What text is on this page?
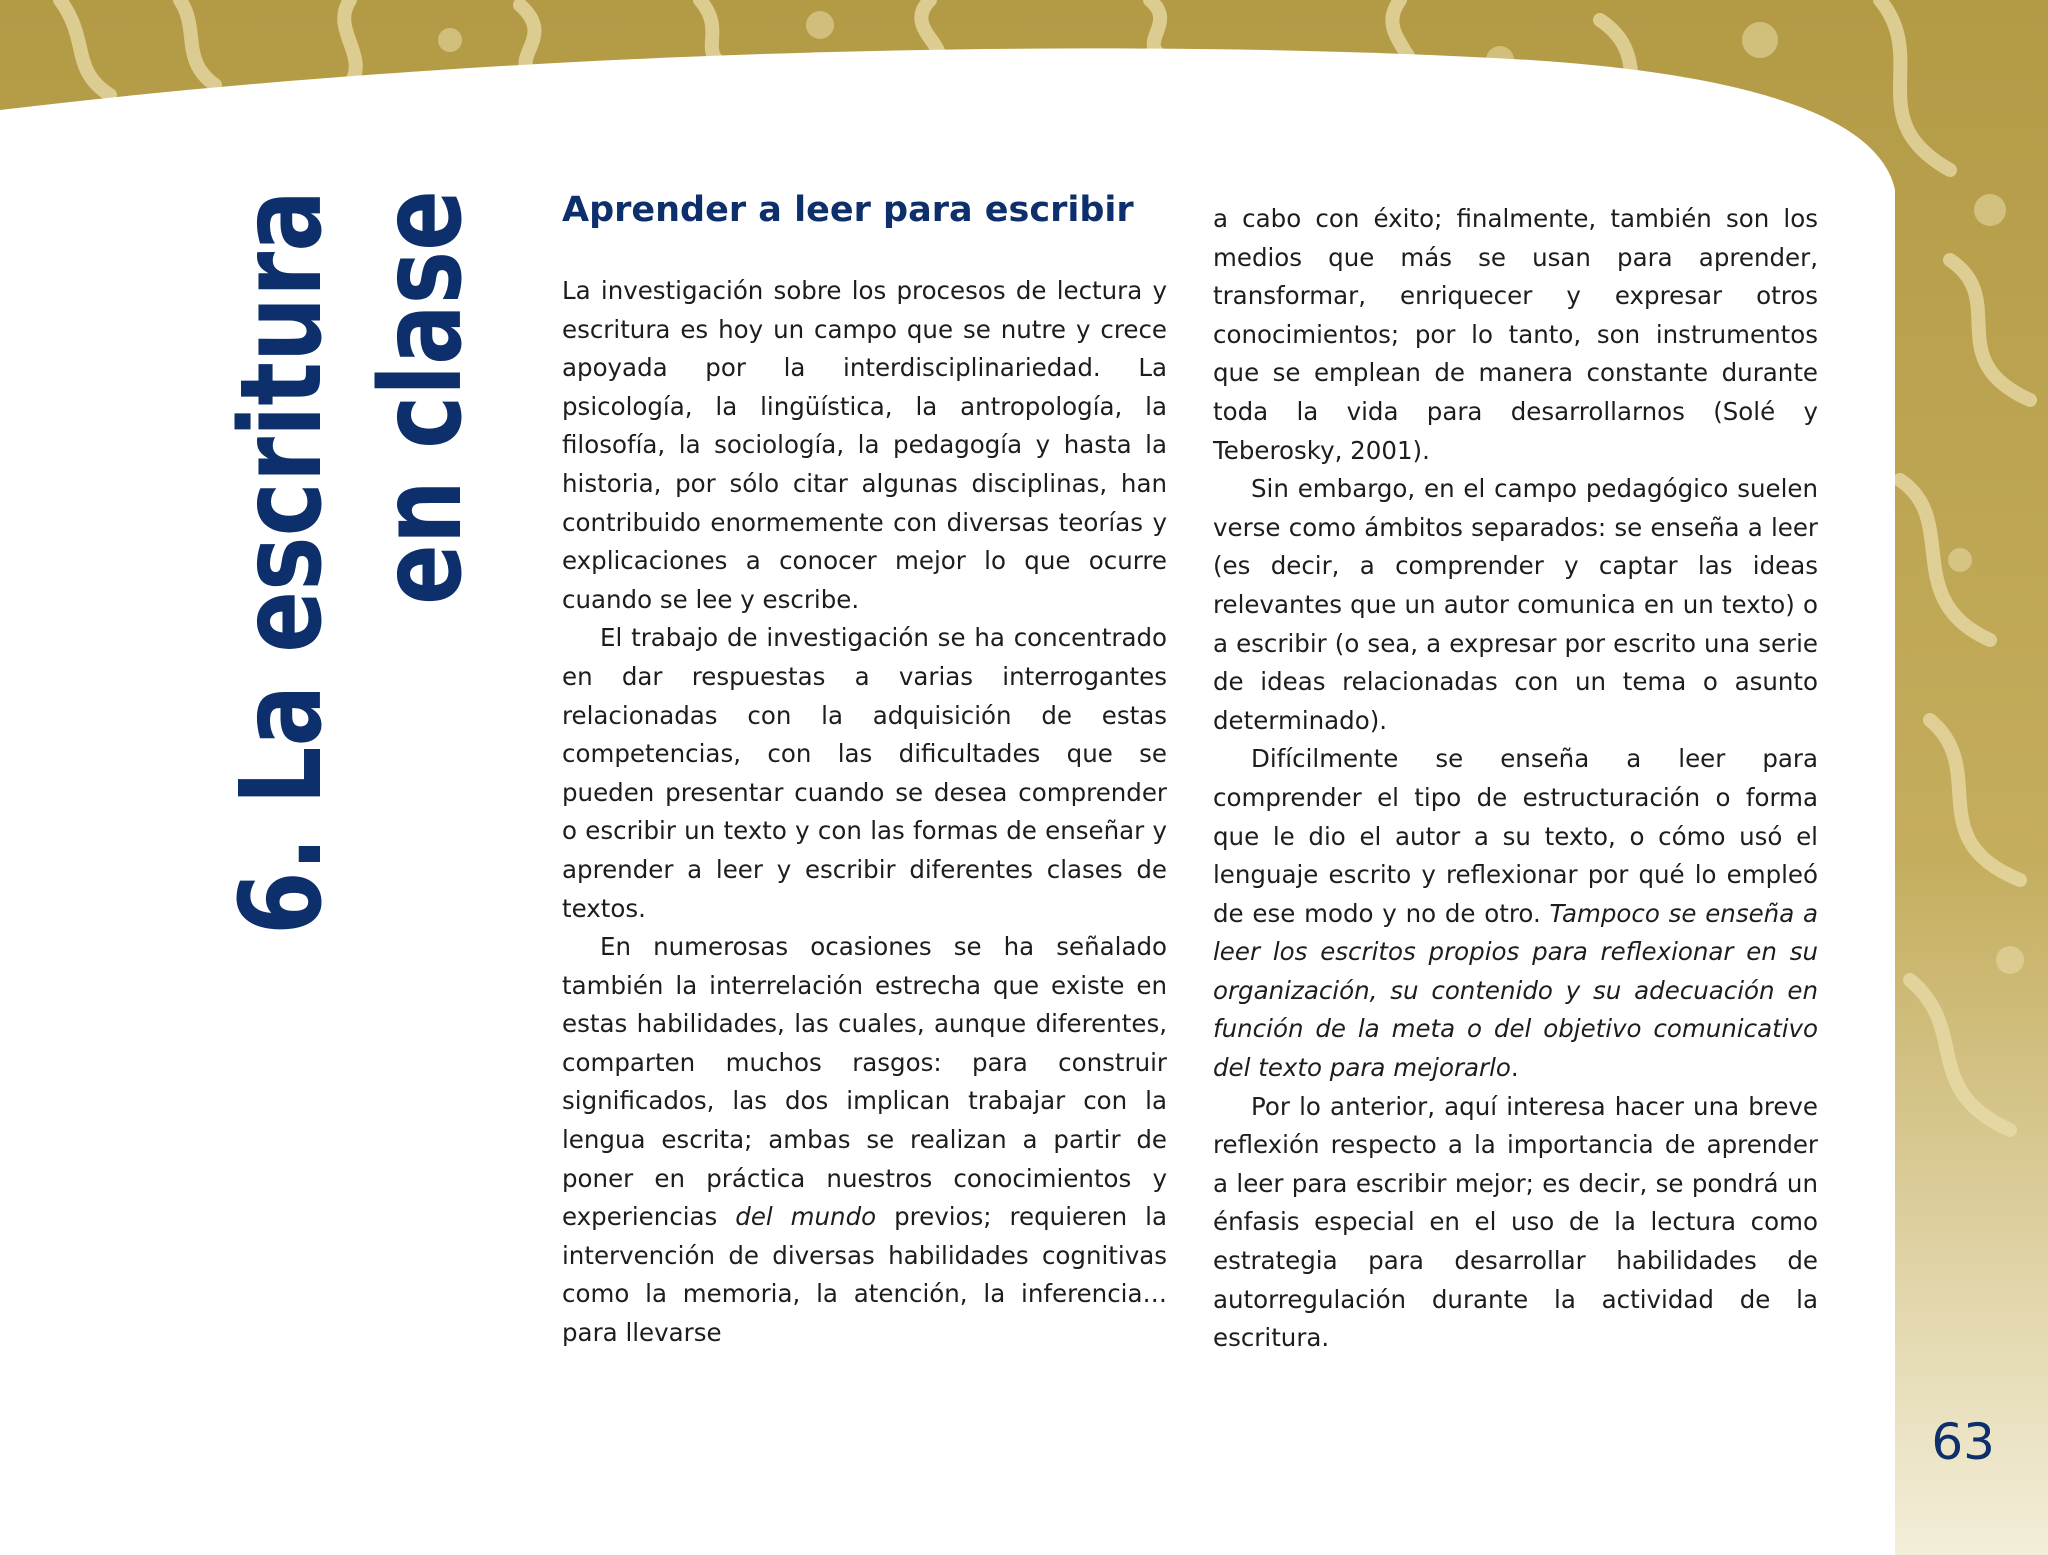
6. La escritura en clase Aprender a leer para escribir

La investigación sobre los procesos de lectura y escritura es hoy un campo que se nutre y crece apoyada por la interdisciplinariedad. La psicología, la lingüística, la antropología, la filosofía, la sociología, la pedagogía y hasta la historia, por sólo citar algunas disciplinas, han contribuido enormemente con diversas teorías y explicaciones a conocer mejor lo que ocurre cuando se lee y escribe.

El trabajo de investigación se ha concentrado en dar respuestas a varias interrogantes relacionadas con la adquisición de estas competencias, con las dificultades que se pueden presentar cuando se desea comprender o escribir un texto y con las formas de enseñar y aprender a leer y escribir diferentes clases de textos.

En numerosas ocasiones se ha señalado también la interrelación estrecha que existe en estas habilidades, las cuales, aunque diferentes, comparten muchos rasgos: para construir significados, las dos implican trabajar con la lengua escrita; ambas se realizan a partir de poner en práctica nuestros conocimientos y experiencias del mundo previos; requieren la intervención de diversas habilidades cognitivas como la memoria, la atención, la inferencia… para llevarse

a cabo con éxito; finalmente, también son los medios que más se usan para aprender, transformar, enriquecer y expresar otros conocimientos; por lo tanto, son instrumentos que se emplean de manera constante durante toda la vida para desarrollarnos (Solé y Teberosky, 2001).

Sin embargo, en el campo pedagógico suelen verse como ámbitos separados: se enseña a leer (es decir, a comprender y captar las ideas relevantes que un autor comunica en un texto) o a escribir (o sea, a expresar por escrito una serie de ideas relacionadas con un tema o asunto determinado).

Difícilmente se enseña a leer para comprender el tipo de estructuración o forma que le dio el autor a su texto, o cómo usó el lenguaje escrito y reflexionar por qué lo empleó de ese modo y no de otro. Tampoco se enseña a leer los escritos propios para reflexionar en su organización, su contenido y su adecuación en función de la meta o del objetivo comunicativo del texto para mejorarlo.

Por lo anterior, aquí interesa hacer una breve reflexión respecto a la importancia de aprender a leer para escribir mejor; es decir, se pondrá un énfasis especial en el uso de la lectura como estrategia para desarrollar habilidades de autorregulación durante la actividad de la escritura.

63
